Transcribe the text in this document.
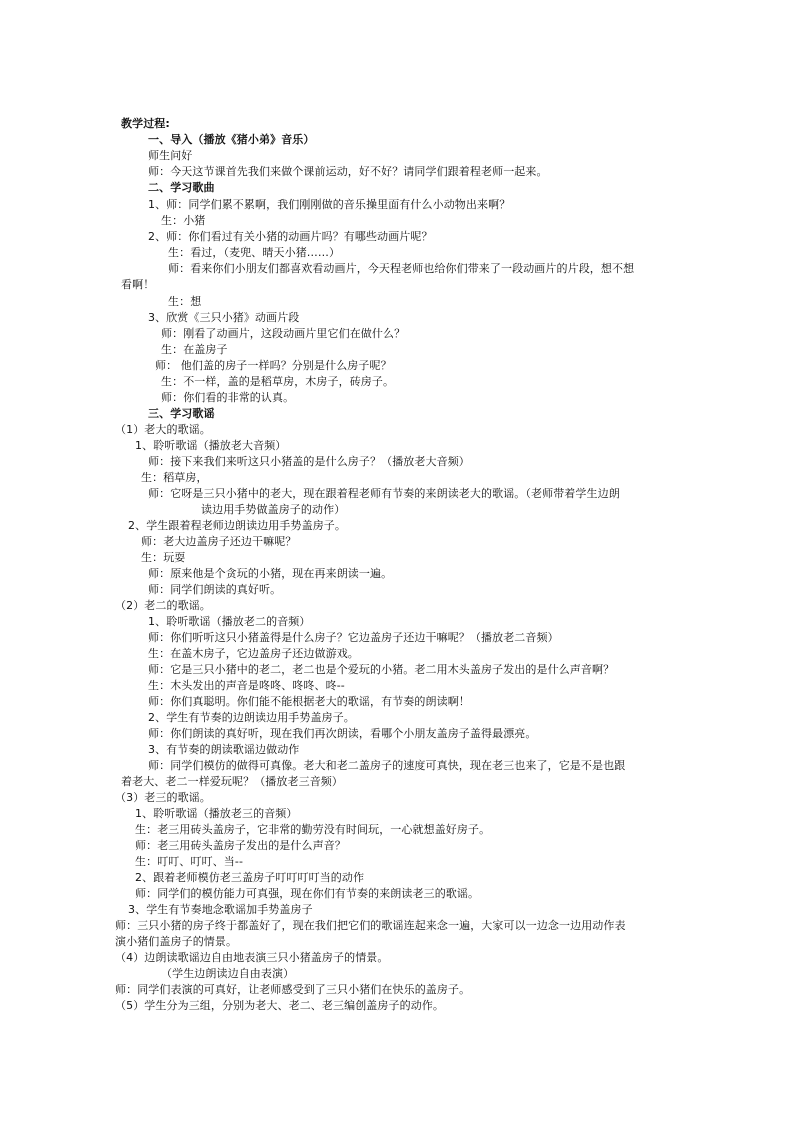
教学过程:
一、导入（播放《猪小弟》音乐）
师生问好
师：今天这节课首先我们来做个课前运动，好不好？请同学们跟着程老师一起来。
二、学习歌曲
1、师：同学们累不累啊，我们刚刚做的音乐操里面有什么小动物出来啊？
生：小猪
2、师：你们看过有关小猪的动画片吗？有哪些动画片呢？
生：看过，（麦兜、晴天小猪……）
师：看来你们小朋友们都喜欢看动画片，今天程老师也给你们带来了一段动画片的片段，想不想
看啊！
生：想
3、欣赏《三只小猪》动画片段
师：刚看了动画片，这段动画片里它们在做什么？
生：在盖房子
师： 他们盖的房子一样吗？分别是什么房子呢？
生：不一样，盖的是稻草房，木房子，砖房子。
师：你们看的非常的认真。
三、学习歌谣
（1）老大的歌谣。
1、聆听歌谣（播放老大音频）
师：接下来我们来听这只小猪盖的是什么房子？（播放老大音频）
生：稻草房，
师：它呀是三只小猪中的老大，现在跟着程老师有节奏的来朗读老大的歌谣。（老师带着学生边朗
读边用手势做盖房子的动作）
2、学生跟着程老师边朗读边用手势盖房子。
师：老大边盖房子还边干嘛呢？
生：玩耍
师：原来他是个贪玩的小猪，现在再来朗读一遍。
师：同学们朗读的真好听。
（2）老二的歌谣。
1、聆听歌谣（播放老二的音频）
师：你们听听这只小猪盖得是什么房子？它边盖房子还边干嘛呢？（播放老二音频）
生：在盖木房子，它边盖房子还边做游戏。
师：它是三只小猪中的老二，老二也是个爱玩的小猪。老二用木头盖房子发出的是什么声音啊？
生：木头发出的声音是咚咚、咚咚、咚--
师：你们真聪明。你们能不能根据老大的歌谣，有节奏的朗读啊！
2、学生有节奏的边朗读边用手势盖房子。
师：你们朗读的真好听，现在我们再次朗读，看哪个小朋友盖房子盖得最漂亮。
3、有节奏的朗读歌谣边做动作
师：同学们模仿的做得可真像。老大和老二盖房子的速度可真快，现在老三也来了，它是不是也跟
着老大、老二一样爱玩呢？（播放老三音频）
（3）老三的歌谣。
1、聆听歌谣（播放老三的音频）
生：老三用砖头盖房子，它非常的勤劳没有时间玩，一心就想盖好房子。
师：老三用砖头盖房子发出的是什么声音？
生：叮叮、叮叮、当--
2、跟着老师模仿老三盖房子叮叮叮叮当的动作
师：同学们的模仿能力可真强，现在你们有节奏的来朗读老三的歌谣。
3、学生有节奏地念歌谣加手势盖房子
师：三只小猪的房子终于都盖好了，现在我们把它们的歌谣连起来念一遍，大家可以一边念一边用动作表
演小猪们盖房子的情景。
（4）边朗读歌谣边自由地表演三只小猪盖房子的情景。
（学生边朗读边自由表演）
师：同学们表演的可真好，让老师感受到了三只小猪们在快乐的盖房子。
（5）学生分为三组，分别为老大、老二、老三编创盖房子的动作。
